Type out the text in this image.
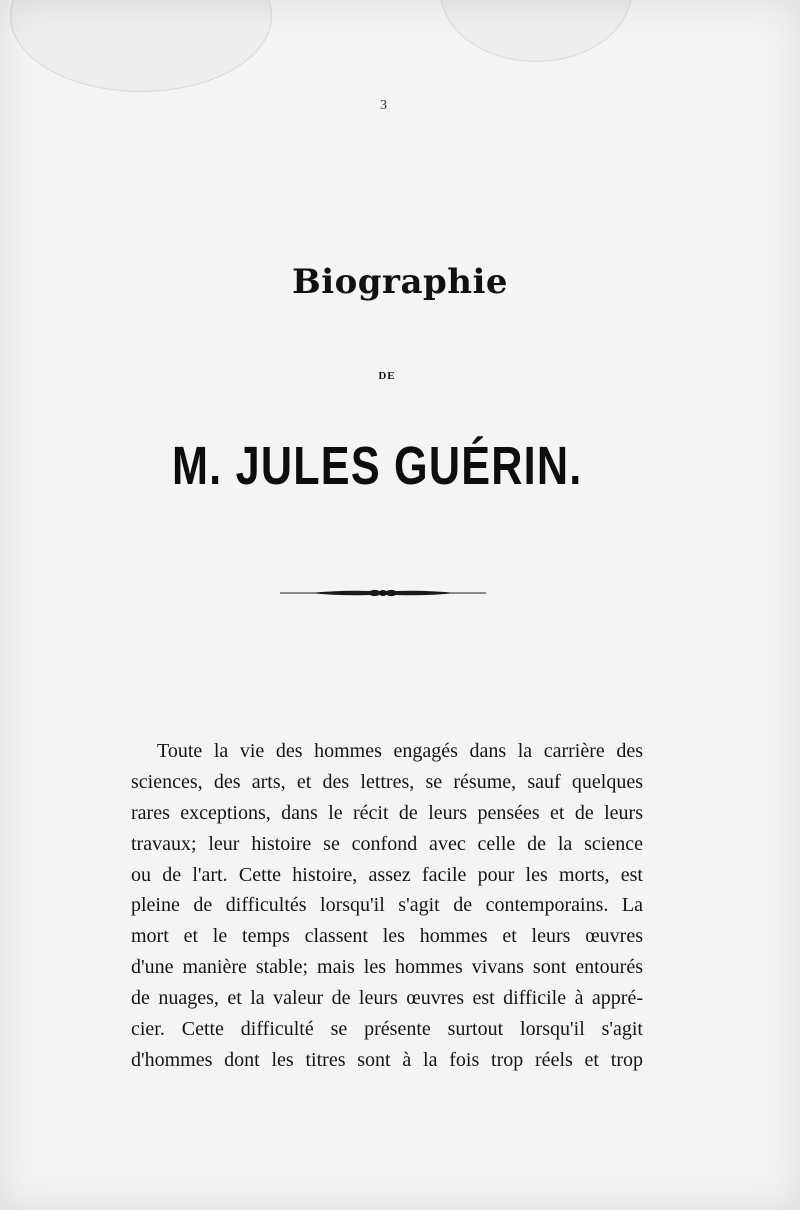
3
Biographie
DE
M. JULES GUÉRIN.
Toute la vie des hommes engagés dans la carrière des
sciences, des arts, et des lettres, se résume, sauf quelques
rares exceptions, dans le récit de leurs pensées et de leurs
travaux; leur histoire se confond avec celle de la science
ou de l'art. Cette histoire, assez facile pour les morts, est
pleine de difficultés lorsqu'il s'agit de contemporains. La
mort et le temps classent les hommes et leurs œuvres
d'une manière stable; mais les hommes vivans sont entourés
de nuages, et la valeur de leurs œuvres est difficile à appré-
cier. Cette difficulté se présente surtout lorsqu'il s'agit
d'hommes dont les titres sont à la fois trop réels et trop
